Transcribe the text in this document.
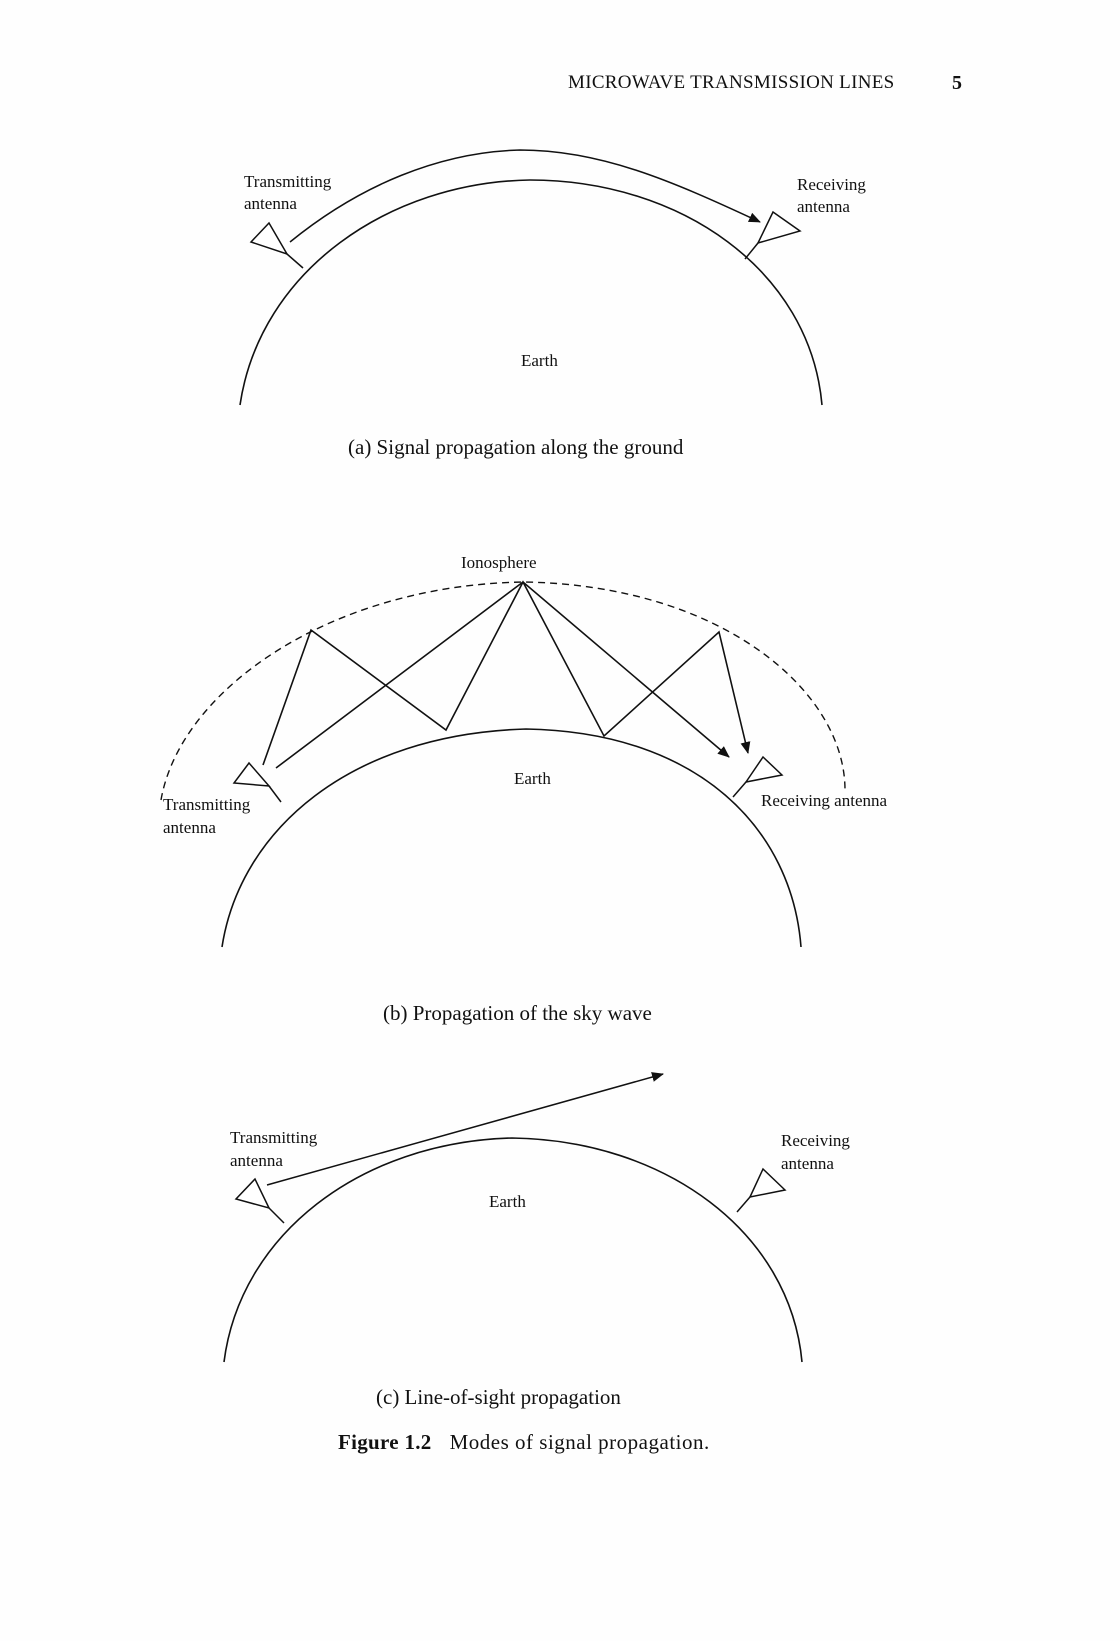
MICROWAVE TRANSMISSION LINES	5
Transmitting
antenna
Receiving
antenna
Earth
(a) Signal propagation along the ground
Ionosphere
Transmitting
antenna
Receiving antenna
Earth
(b) Propagation of the sky wave
Transmitting
antenna
Receiving
antenna
Earth
(c) Line-of-sight propagation
Figure 1.2 Modes of signal propagation.
